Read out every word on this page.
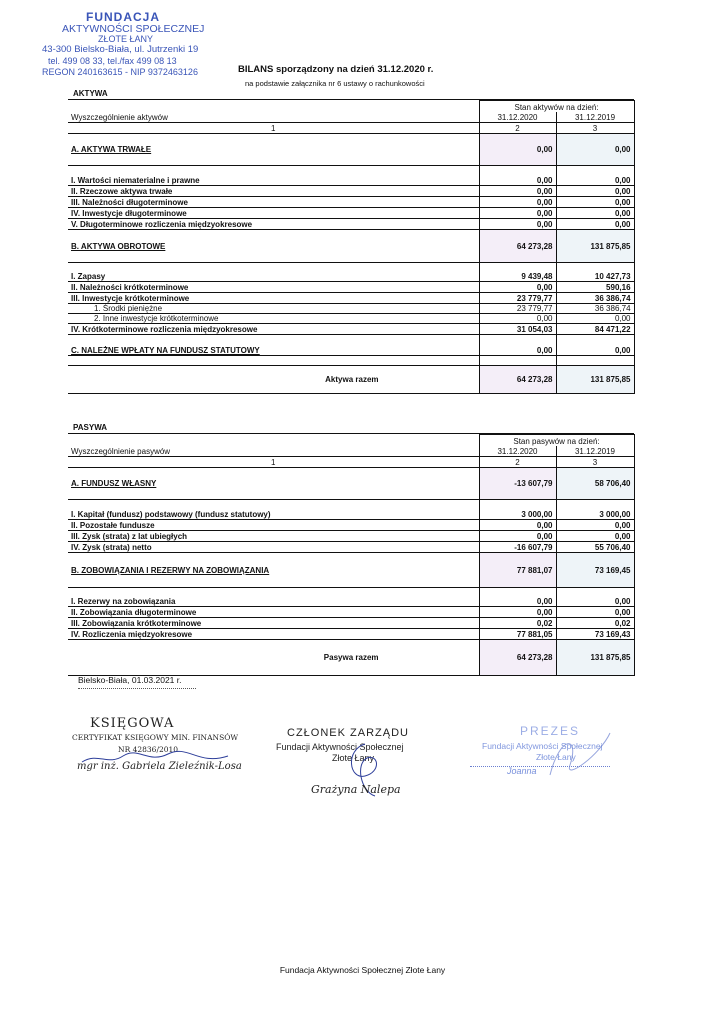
FUNDACJA
AKTYWNOŚCI SPOŁECZNEJ
ZŁOTE ŁANY
43-300 Bielsko-Biała, ul. Jutrzenki 19
tel. 499 08 33, tel./fax 499 08 13
REGON 240163615 - NIP 9372463126	BILANS sporządzony na dzień 31.12.2020 r.
na podstawie załącznika nr 6 ustawy o rachunkowości
AKTYWA
	Stan aktywów na dzień:	
Wyszczególnienie aktywów	31.12.2020	31.12.2019
1	2	3
A. AKTYWA TRWAŁE	0,00	0,00

I. Wartości niematerialne i prawne	0,00	0,00
II. Rzeczowe aktywa trwałe	0,00	0,00
III. Należności długoterminowe	0,00	0,00
IV. Inwestycje długoterminowe	0,00	0,00
V. Długoterminowe rozliczenia międzyokresowe	0,00	0,00
B. AKTYWA OBROTOWE	64 273,28	131 875,85

I. Zapasy	9 439,48	10 427,73
II. Należności krótkoterminowe	0,00	590,16
III. Inwestycje krótkoterminowe	23 779,77	36 386,74
1. Środki pieniężne	23 779,77	36 386,74
2. Inne inwestycje krótkoterminowe	0,00	0,00
IV. Krótkoterminowe rozliczenia międzyokresowe	31 054,03	84 471,22

C. NALEŻNE WPŁATY NA FUNDUSZ STATUTOWY	0,00	0,00

Aktywa razem	64 273,28	131 875,85
PASYWA
	Stan pasywów na dzień:	
Wyszczególnienie pasywów	31.12.2020	31.12.2019
1	2	3
A. FUNDUSZ WŁASNY	-13 607,79	58 706,40

I. Kapitał (fundusz) podstawowy (fundusz statutowy)	3 000,00	3 000,00
II. Pozostałe fundusze	0,00	0,00
III. Zysk (strata) z lat ubiegłych	0,00	0,00
IV. Zysk (strata) netto	-16 607,79	55 706,40
B. ZOBOWIĄZANIA I REZERWY NA ZOBOWIĄZANIA	77 881,07	73 169,45

I. Rezerwy na zobowiązania	0,00	0,00
II. Zobowiązania długoterminowe	0,00	0,00
III. Zobowiązania krótkoterminowe	0,02	0,02
IV. Rozliczenia międzyokresowe	77 881,05	73 169,43
Pasywa razem	64 273,28	131 875,85
Bielsko-Biała, 01.03.2021 r.
KSIĘGOWA
CERTYFIKAT KSIĘGOWY MIN. FINANSÓW
NR 42836/2010
mgr inż. Gabriela Zieleźnik-Losa
CZŁONEK ZARZĄDU
Fundacji Aktywności Społecznej
Złote Łany
Grażyna Nalepa
PREZES
Fundacji Aktywności Społecznej
Złote Łany
Joanna
Fundacja Aktywności Społecznej Złote Łany
